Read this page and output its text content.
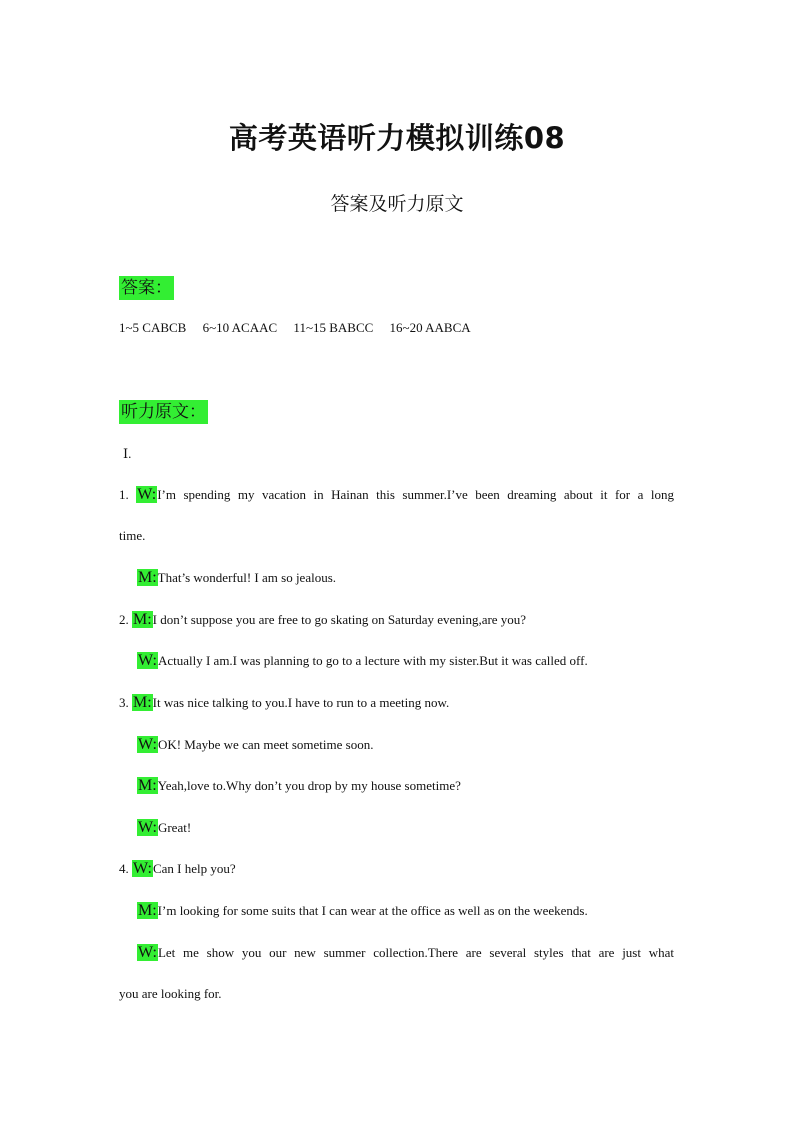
高考英语听力模拟训练08
答案及听力原文
答案：
1~5 CABCB     6~10 ACAAC     11~15 BABCC     16~20 AABCA
听力原文：
Ⅰ.
1. W:I’m spending my vacation in Hainan this summer.I’ve been dreaming about it for a long
time.
M:That’s wonderful! I am so jealous.
2. M:I don’t suppose you are free to go skating on Saturday evening,are you?
W:Actually I am.I was planning to go to a lecture with my sister.But it was called off.
3. M:It was nice talking to you.I have to run to a meeting now.
W:OK! Maybe we can meet sometime soon.
M:Yeah,love to.Why don’t you drop by my house sometime?
W:Great!
4. W:Can I help you?
M:I’m looking for some suits that I can wear at the office as well as on the weekends.
W:Let me show you our new summer collection.There are several styles that are just what
you are looking for.
